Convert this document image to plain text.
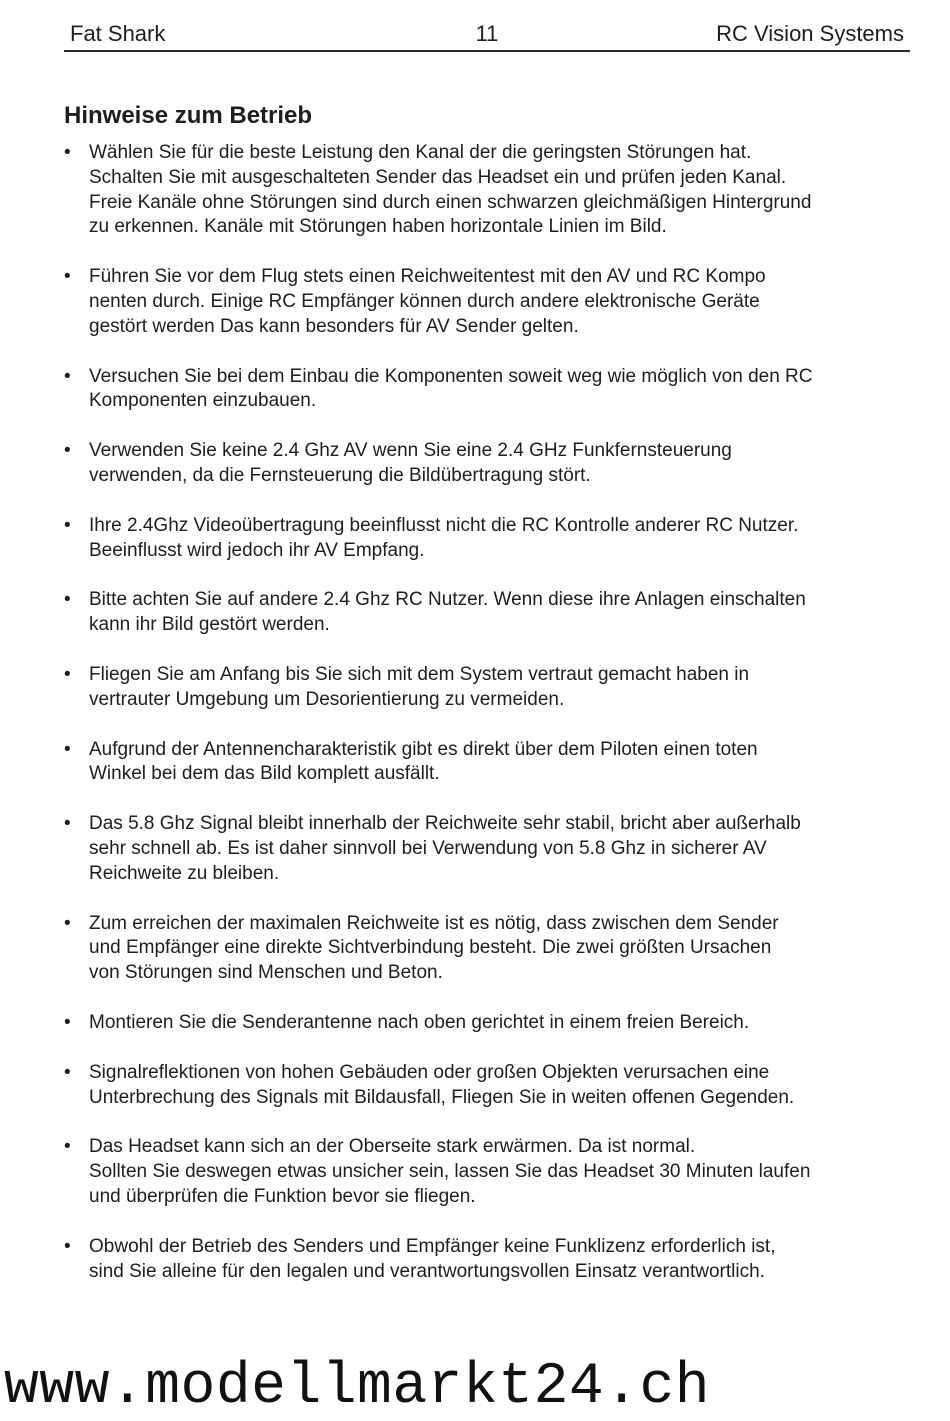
Fat Shark	11	RC Vision Systems
Hinweise zum Betrieb
• Wählen Sie für die beste Leistung den Kanal der die geringsten Störungen hat.
Schalten Sie mit ausgeschalteten Sender das Headset ein und prüfen jeden Kanal.
Freie Kanäle ohne Störungen sind durch einen schwarzen gleichmäßigen Hintergrund
zu erkennen. Kanäle mit Störungen haben horizontale Linien im Bild.
• Führen Sie vor dem Flug stets einen Reichweitentest mit den AV und RC Kompo
nenten durch. Einige RC Empfänger können durch andere elektronische Geräte
gestört werden Das kann besonders für AV Sender gelten.
• Versuchen Sie bei dem Einbau die Komponenten soweit weg wie möglich von den RC
Komponenten einzubauen.
• Verwenden Sie keine 2.4 Ghz AV wenn Sie eine 2.4 GHz Funkfernsteuerung
verwenden, da die Fernsteuerung die Bildübertragung stört.
• Ihre 2.4Ghz Videoübertragung beeinflusst nicht die RC Kontrolle anderer RC Nutzer.
Beeinflusst wird jedoch ihr AV Empfang.
• Bitte achten Sie auf andere 2.4 Ghz RC Nutzer. Wenn diese ihre Anlagen einschalten
kann ihr Bild gestört werden.
• Fliegen Sie am Anfang bis Sie sich mit dem System vertraut gemacht haben in
vertrauter Umgebung um Desorientierung zu vermeiden.
• Aufgrund der Antennencharakteristik gibt es direkt über dem Piloten einen toten
Winkel bei dem das Bild komplett ausfällt.
• Das 5.8 Ghz Signal bleibt innerhalb der Reichweite sehr stabil, bricht aber außerhalb
sehr schnell ab. Es ist daher sinnvoll bei Verwendung von 5.8 Ghz in sicherer AV
Reichweite zu bleiben.
• Zum erreichen der maximalen Reichweite ist es nötig, dass zwischen dem Sender
und Empfänger eine direkte Sichtverbindung besteht. Die zwei größten Ursachen
von Störungen sind Menschen und Beton.
• Montieren Sie die Senderantenne nach oben gerichtet in einem freien Bereich.
• Signalreflektionen von hohen Gebäuden oder großen Objekten verursachen eine
Unterbrechung des Signals mit Bildausfall, Fliegen Sie in weiten offenen Gegenden.
• Das Headset kann sich an der Oberseite stark erwärmen. Da ist normal.
Sollten Sie deswegen etwas unsicher sein, lassen Sie das Headset 30 Minuten laufen
und überprüfen die Funktion bevor sie fliegen.
• Obwohl der Betrieb des Senders und Empfänger keine Funklizenz erforderlich ist,
sind Sie alleine für den legalen und verantwortungsvollen Einsatz verantwortlich.
www.modellmarkt24.ch
